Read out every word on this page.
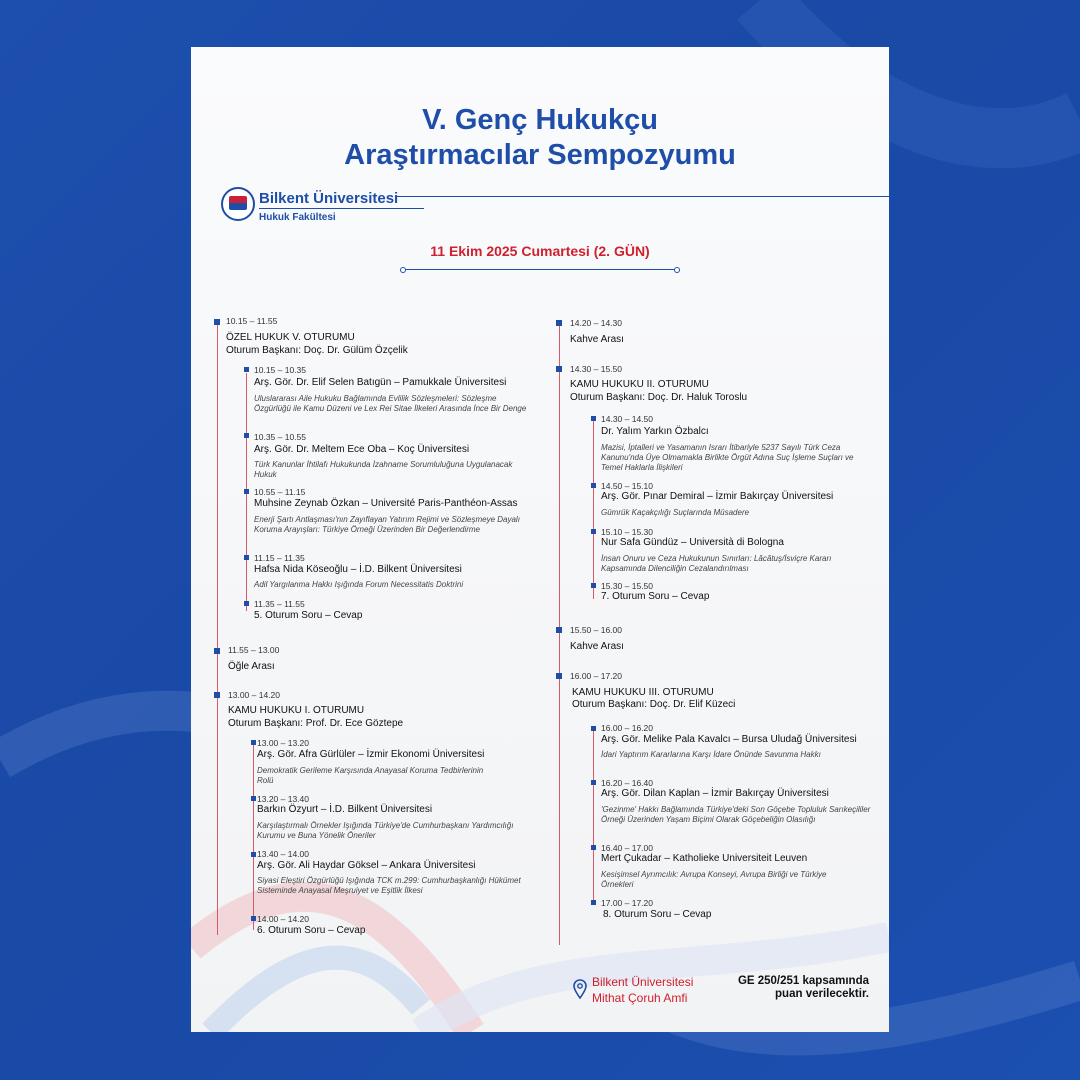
V. Genç Hukukçu
Araştırmacılar Sempozyumu
Bilkent Üniversitesi
Hukuk Fakültesi
11 Ekim 2025 Cumartesi (2. GÜN)
10.15 – 11.55
ÖZEL HUKUK V. OTURUMU
Oturum Başkanı: Doç. Dr. Gülüm Özçelik
10.15 – 10.35
Arş. Gör. Dr. Elif Selen Batıgün – Pamukkale Üniversitesi
Uluslararası Aile Hukuku Bağlamında Evlilik Sözleşmeleri: Sözleşme Özgürlüğü ile Kamu Düzeni ve Lex Rei Sitae İlkeleri Arasında İnce Bir Denge
10.35 – 10.55
Arş. Gör. Dr. Meltem Ece Oba – Koç Üniversitesi
Türk Kanunlar İhtilafı Hukukunda İzahname Sorumluluğuna Uygulanacak Hukuk
10.55 – 11.15
Muhsine Zeynab Özkan – Université Paris-Panthéon-Assas
Enerji Şartı Antlaşması'nın Zayıflayan Yatırım Rejimi ve Sözleşmeye Dayalı Koruma Arayışları: Türkiye Örneği Üzerinden Bir Değerlendirme
11.15 – 11.35
Hafsa Nida Köseoğlu – İ.D. Bilkent Üniversitesi
Adil Yargılanma Hakkı Işığında Forum Necessitatis Doktrini
11.35 – 11.55
5. Oturum Soru – Cevap
11.55 – 13.00
Öğle Arası
13.00 – 14.20
KAMU HUKUKU I. OTURUMU
Oturum Başkanı: Prof. Dr. Ece Göztepe
13.00 – 13.20
Arş. Gör. Afra Gürlüler – İzmir Ekonomi Üniversitesi
Demokratik Gerileme Karşısında Anayasal Koruma Tedbirlerinin Rolü
13.20 – 13.40
Barkın Özyurt – İ.D. Bilkent Üniversitesi
Karşılaştırmalı Örnekler Işığında Türkiye'de Cumhurbaşkanı Yardımcılığı Kurumu ve Buna Yönelik Öneriler
13.40 – 14.00
Arş. Gör. Ali Haydar Göksel – Ankara Üniversitesi
Siyasi Eleştiri Özgürlüğü Işığında TCK m.299: Cumhurbaşkanlığı Hükümet Sisteminde Anayasal Meşruiyet ve Eşitlik İlkesi
14.00 – 14.20
6. Oturum Soru – Cevap
14.20 – 14.30
Kahve Arası
14.30 – 15.50
KAMU HUKUKU II. OTURUMU
Oturum Başkanı: Doç. Dr. Haluk Toroslu
14.30 – 14.50
Dr. Yalım Yarkın Özbalcı
Mazisi, İptalleri ve Yasamanın Israrı İtibariyle 5237 Sayılı Türk Ceza Kanunu'nda Üye Olmamakla Birlikte Örgüt Adına Suç İşleme Suçları ve Temel Haklarla İlişkileri
14.50 – 15.10
Arş. Gör. Pınar Demiral – İzmir Bakırçay Üniversitesi
Gümrük Kaçakçılığı Suçlarında Müsadere
15.10 – 15.30
Nur Safa Gündüz – Università di Bologna
İnsan Onuru ve Ceza Hukukunun Sınırları: Lăcătuş/İsviçre Kararı Kapsamında Dilenciliğin Cezalandırılması
15.30 – 15.50
7. Oturum Soru – Cevap
15.50 – 16.00
Kahve Arası
16.00 – 17.20
KAMU HUKUKU III. OTURUMU
Oturum Başkanı: Doç. Dr. Elif Küzeci
16.00 – 16.20
Arş. Gör. Melike Pala Kavalcı – Bursa Uludağ Üniversitesi
İdari Yaptırım Kararlarına Karşı İdare Önünde Savunma Hakkı
16.20 – 16.40
Arş. Gör. Dilan Kaplan – İzmir Bakırçay Üniversitesi
'Gezinme' Hakkı Bağlamında Türkiye'deki Son Göçebe Topluluk Sarıkeçililer Örneği Üzerinden Yaşam Biçimi Olarak Göçebeliğin Olasılığı
16.40 – 17.00
Mert Çukadar – Katholieke Universiteit Leuven
Kesişimsel Ayrımcılık: Avrupa Konseyi, Avrupa Birliği ve Türkiye Örnekleri
17.00 – 17.20
8. Oturum Soru – Cevap
Bilkent Üniversitesi
Mithat Çoruh Amfi
GE 250/251 kapsamında puan verilecektir.
